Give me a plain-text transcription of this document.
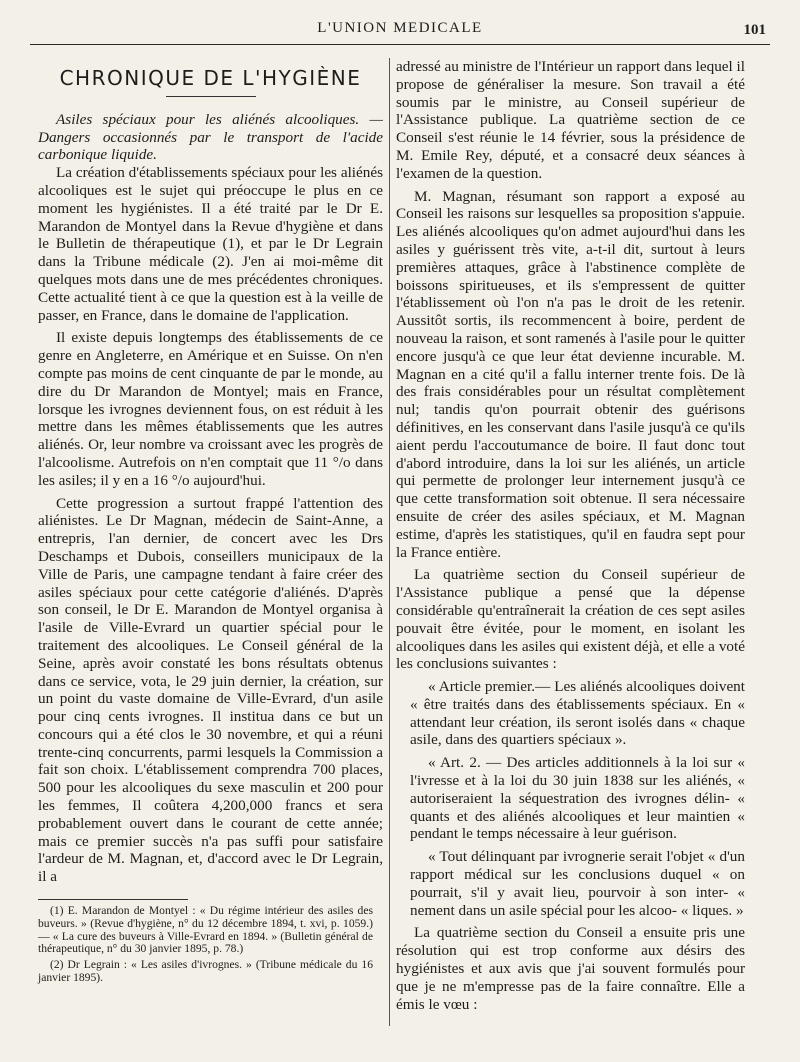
L'UNION MEDICALE	101
CHRONIQUE DE L'HYGIÈNE

Asiles spéciaux pour les aliénés alcooliques. — Dangers occasionnés par le transport de l'acide carbonique liquide.

La création d'établissements spéciaux pour les aliénés alcooliques est le sujet qui préoccupe le plus en ce moment les hygiénistes. Il a été traité par le Dr E. Marandon de Montyel dans la Revue d'hygiène et dans le Bulletin de thérapeutique (1), et par le Dr Legrain dans la Tribune médicale (2). J'en ai moi-même dit quelques mots dans une de mes précédentes chroniques. Cette actualité tient à ce que la question est à la veille de passer, en France, dans le domaine de l'application.

Il existe depuis longtemps des établissements de ce genre en Angleterre, en Amérique et en Suisse. On n'en compte pas moins de cent cinquante de par le monde, au dire du Dr Marandon de Montyel; mais en France, lorsque les ivrognes deviennent fous, on est réduit à les mettre dans les mêmes établissements que les autres aliénés. Or, leur nombre va croissant avec les progrès de l'alcoolisme. Autrefois on n'en comptait que 11 °/o dans les asiles; il y en a 16 °/o aujourd'hui.

Cette progression a surtout frappé l'attention des aliénistes. Le Dr Magnan, médecin de Saint-Anne, a entrepris, l'an dernier, de concert avec les Drs Deschamps et Dubois, conseillers municipaux de la Ville de Paris, une campagne tendant à faire créer des asiles spéciaux pour cette catégorie d'aliénés. D'après son conseil, le Dr E. Marandon de Montyel organisa à l'asile de Ville-Evrard un quartier spécial pour le traitement des alcooliques. Le Conseil général de la Seine, après avoir constaté les bons résultats obtenus dans ce service, vota, le 29 juin dernier, la création, sur un point du vaste domaine de Ville-Evrard, d'un asile pour cinq cents ivrognes. Il institua dans ce but un concours qui a été clos le 30 novembre, et qui a réuni trente-cinq concurrents, parmi lesquels la Commission a fait son choix. L'établissement comprendra 700 places, 500 pour les alcooliques du sexe masculin et 200 pour les femmes, Il coûtera 4,200,000 francs et sera probablement ouvert dans le courant de cette année; mais ce premier succès n'a pas suffi pour satisfaire l'ardeur de M. Magnan, et, d'accord avec le Dr Legrain, il a

(1) E. Marandon de Montyel : « Du régime intérieur des asiles des buveurs. » (Revue d'hygiène, n° du 12 décembre 1894, t. xvi, p. 1059.) — « La cure des buveurs à Ville-Evrard en 1894. » (Bulletin général de thérapeutique, n° du 30 janvier 1895, p. 78.)

(2) Dr Legrain : « Les asiles d'ivrognes. » (Tribune médicale du 16 janvier 1895).

adressé au ministre de l'Intérieur un rapport dans lequel il propose de généraliser la mesure. Son travail a été soumis par le ministre, au Conseil supérieur de l'Assistance publique. La quatrième section de ce Conseil s'est réunie le 14 février, sous la présidence de M. Emile Rey, député, et a consacré deux séances à l'examen de la question.

M. Magnan, résumant son rapport a exposé au Conseil les raisons sur lesquelles sa proposition s'appuie. Les aliénés alcooliques qu'on admet aujourd'hui dans les asiles y guérissent très vite, a-t-il dit, surtout à leurs premières attaques, grâce à l'abstinence complète de boissons spiritueuses, et ils s'empressent de quitter l'établissement où l'on n'a pas le droit de les retenir. Aussitôt sortis, ils recommencent à boire, perdent de nouveau la raison, et sont ramenés à l'asile pour le quitter encore jusqu'à ce que leur état devienne incurable. M. Magnan en a cité qu'il a fallu interner trente fois. De là des frais considérables pour un résultat complètement nul; tandis qu'on pourrait obtenir des guérisons définitives, en les conservant dans l'asile jusqu'à ce qu'ils aient perdu l'accoutumance de boire. Il faut donc tout d'abord introduire, dans la loi sur les aliénés, un article qui permette de prolonger leur internement jusqu'à ce que cette transformation soit obtenue. Il sera nécessaire ensuite de créer des asiles spéciaux, et M. Magnan estime, d'après les statistiques, qu'il en faudra sept pour la France entière.

La quatrième section du Conseil supérieur de l'Assistance publique a pensé que la dépense considérable qu'entraînerait la création de ces sept asiles pouvait être évitée, pour le moment, en isolant les alcooliques dans les asiles qui existent déjà, et elle a voté les conclusions suivantes :

« Article premier.— Les aliénés alcooliques doivent « être traités dans des établissements spéciaux. En « attendant leur création, ils seront isolés dans « chaque asile, dans des quartiers spéciaux ».

« Art. 2. — Des articles additionnels à la loi sur « l'ivresse et à la loi du 30 juin 1838 sur les aliénés, « autoriseraient la séquestration des ivrognes délin- « quants et des aliénés alcooliques et leur maintien « pendant le temps nécessaire à leur guérison.

« Tout délinquant par ivrognerie serait l'objet « d'un rapport médical sur les conclusions duquel « on pourrait, s'il y avait lieu, pourvoir à son inter- « nement dans un asile spécial pour les alcoo- « liques. »

La quatrième section du Conseil a ensuite pris une résolution qui est trop conforme aux désirs des hygiénistes et aux avis que j'ai souvent formulés pour que je ne m'empresse pas de la faire connaître. Elle a émis le vœu :
